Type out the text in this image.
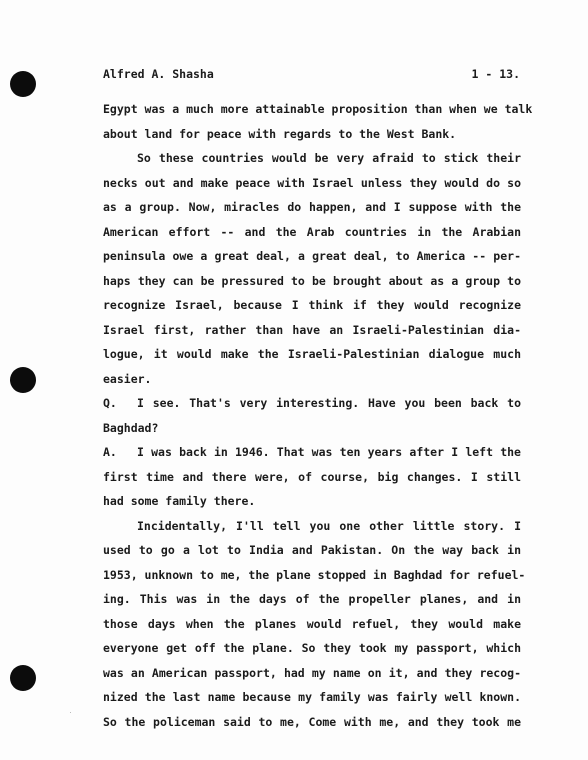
Alfred A. Shasha	1 - 13.
Egypt was a much more attainable proposition than when we talk
about land for peace with regards to the West Bank.
So these countries would be very afraid to stick their
necks out and make peace with Israel unless they would do so
as a group. Now, miracles do happen, and I suppose with the
American effort -- and the Arab countries in the Arabian
peninsula owe a great deal, a great deal, to America -- per-
haps they can be pressured to be brought about as a group to
recognize Israel, because I think if they would recognize
Israel first, rather than have an Israeli-Palestinian dia-
logue, it would make the Israeli-Palestinian dialogue much
easier.
Q. I see. That's very interesting. Have you been back to
Baghdad?
A. I was back in 1946. That was ten years after I left the
first time and there were, of course, big changes. I still
had some family there.
Incidentally, I'll tell you one other little story. I
used to go a lot to India and Pakistan. On the way back in
1953, unknown to me, the plane stopped in Baghdad for refuel-
ing. This was in the days of the propeller planes, and in
those days when the planes would refuel, they would make
everyone get off the plane. So they took my passport, which
was an American passport, had my name on it, and they recog-
nized the last name because my family was fairly well known.
So the policeman said to me, Come with me, and they took me
